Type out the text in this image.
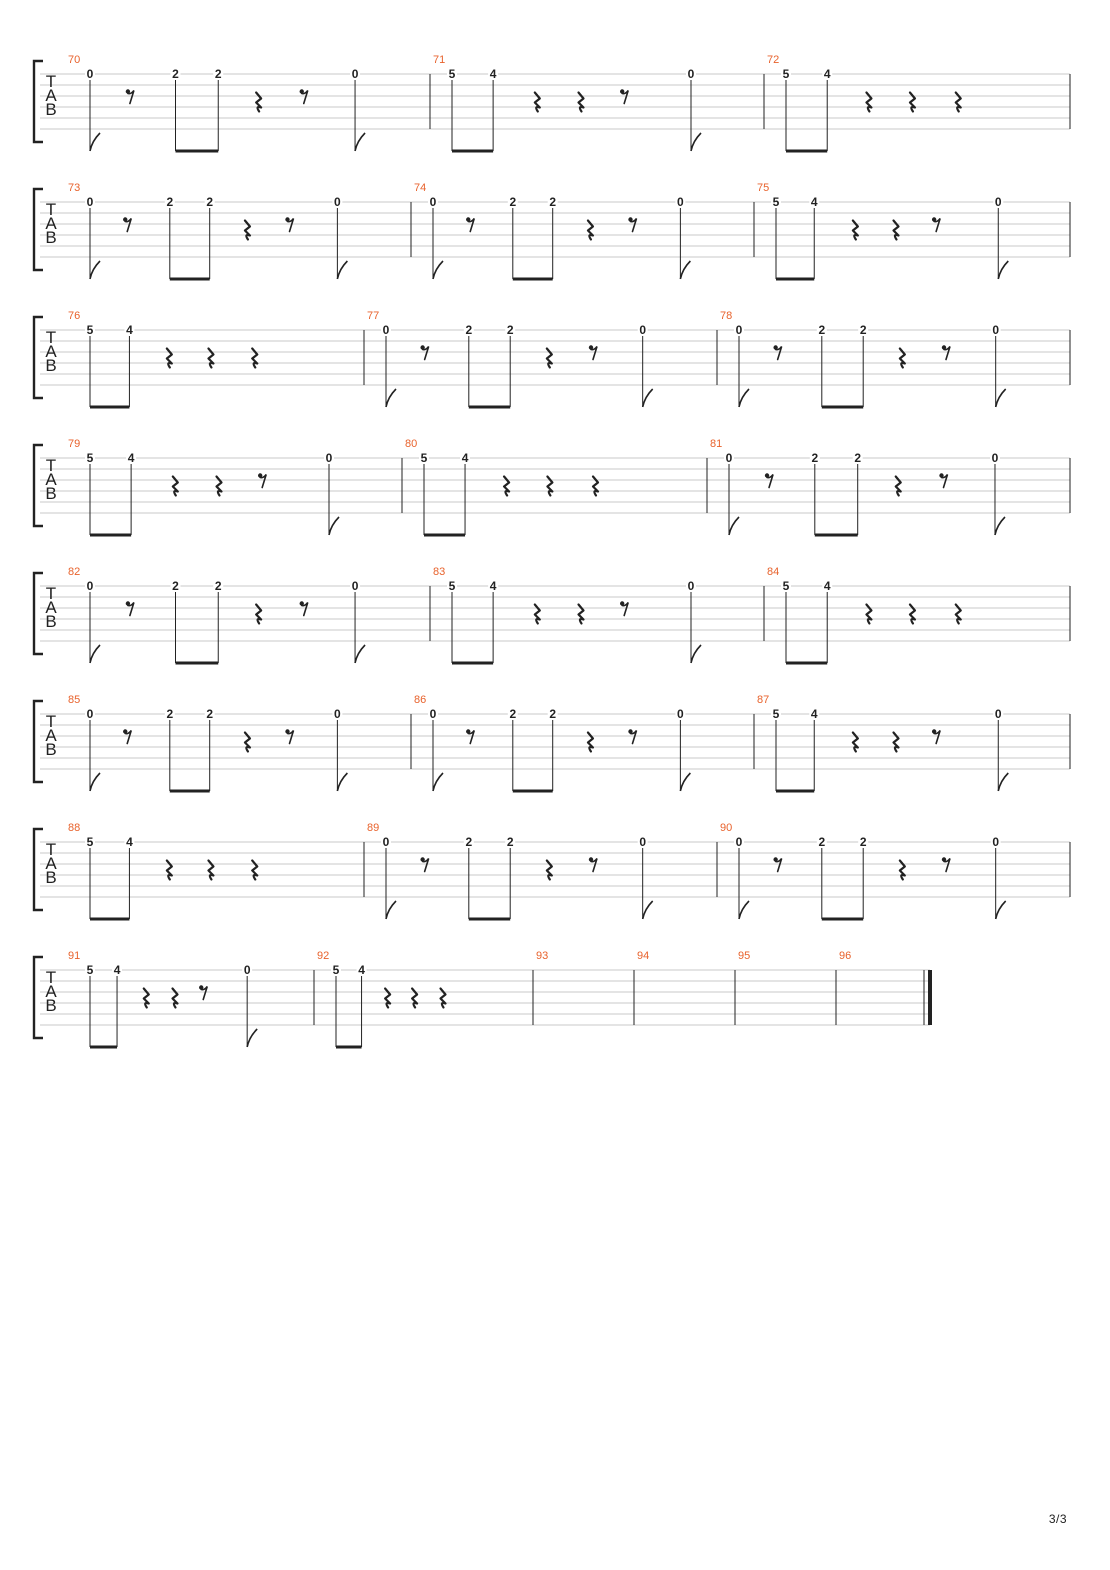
T
A
B
70
0	2	2	0
71
5	4	0
72
5	4
T
A
B
73
0	2	2	0
74
0	2	2	0
75
5	4	0
T
A
B
76
5	4
77
0	2	2	0
78
0	2	2	0
T
A
B
79
5	4	0
80
5	4
81
0	2	2	0
T
A
B
82
0	2	2	0
83
5	4	0
84
5	4
T
A
B
85
0	2	2	0
86
0	2	2	0
87
5	4	0
T
A
B
88
5	4
89
0	2	2	0
90
0	2	2	0
T
A
B
91
5 4	0
92
5 4
93	94	95	96
3/3
